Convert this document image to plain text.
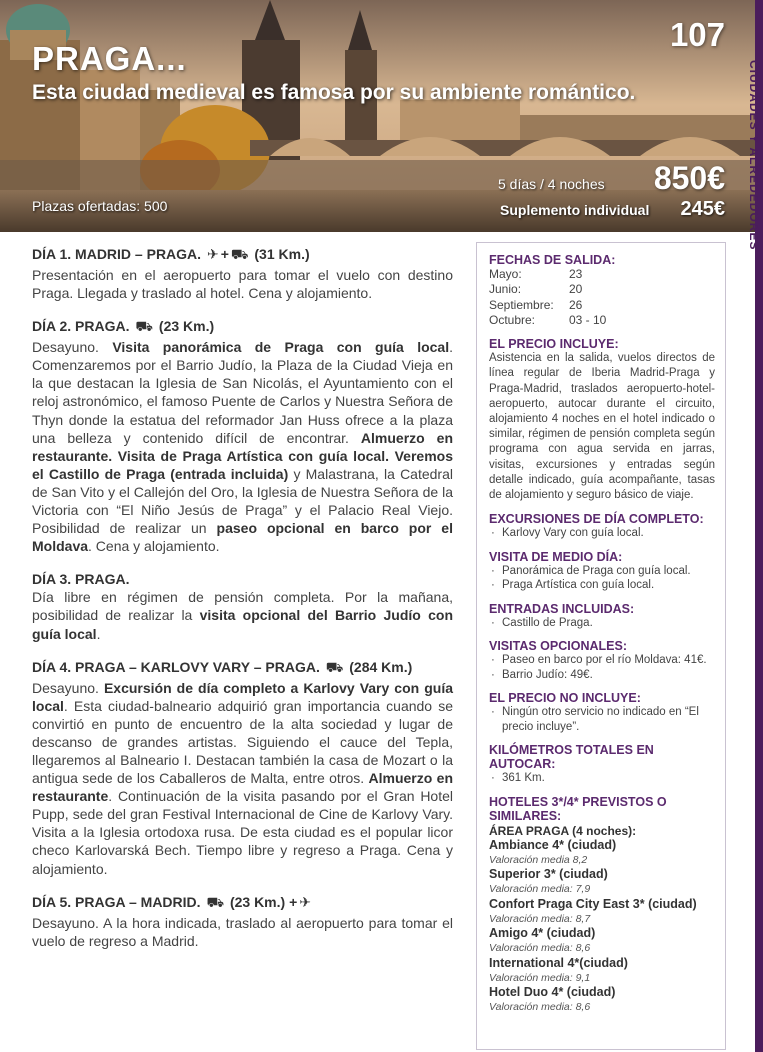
PRAGA...

Esta ciudad medieval es famosa por su ambiente romántico.

107
Plazas ofertadas: 500
5 días / 4 noches 850€
Suplemento individual 245€ CIUDADES Y ALREDEDORES

DÍA 1. MADRID – PRAGA. ✈ + ⛟ (31 Km.)

Presentación en el aeropuerto para tomar el vuelo con destino Praga. Llegada y traslado al hotel. Cena y alojamiento.

DÍA 2. PRAGA. ⛟ (23 Km.)

Desayuno. Visita panorámica de Praga con guía local. Comenzaremos por el Barrio Judío, la Plaza de la Ciudad Vieja en la que destacan la Iglesia de San Nicolás, el Ayuntamiento con el reloj astronómico, el famoso Puente de Carlos y Nuestra Señora de Thyn donde la estatua del reformador Jan Huss ofrece a la plaza una belleza y contenido difícil de encontrar. Almuerzo en restaurante. Visita de Praga Artística con guía local. Veremos el Castillo de Praga (entrada incluida) y Malastrana, la Catedral de San Vito y el Callejón del Oro, la Iglesia de Nuestra Señora de la Victoria con “El Niño Jesús de Praga” y el Palacio Real Viejo. Posibilidad de realizar un paseo opcional en barco por el Moldava. Cena y alojamiento.

DÍA 3. PRAGA.

Día libre en régimen de pensión completa. Por la mañana, posibilidad de realizar la visita opcional del Barrio Judío con guía local.

DÍA 4. PRAGA – KARLOVY VARY – PRAGA. ⛟ (284 Km.)

Desayuno. Excursión de día completo a Karlovy Vary con guía local. Esta ciudad-balneario adquirió gran importancia cuando se convirtió en punto de encuentro de la alta sociedad y lugar de descanso de grandes artistas. Siguiendo el cauce del Tepla, llegaremos al Balneario I. Destacan también la casa de Mozart o la antigua sede de los Caballeros de Malta, entre otros. Almuerzo en restaurante. Continuación de la visita pasando por el Gran Hotel Pupp, sede del gran Festival Internacional de Cine de Karlovy Vary. Visita a la Iglesia ortodoxa rusa. De esta ciudad es el popular licor checo Karlovarská Bech. Tiempo libre y regreso a Praga. Cena y alojamiento.

DÍA 5. PRAGA – MADRID. ⛟ (23 Km.) + ✈

Desayuno. A la hora indicada, traslado al aeropuerto para tomar el vuelo de regreso a Madrid.

FECHAS DE SALIDA:

Mayo:	23
Junio:	20
Septiembre:	26
Octubre:	03 - 10

EL PRECIO INCLUYE:

Asistencia en la salida, vuelos directos de línea regular de Iberia Madrid-Praga y Praga-Madrid, traslados aeropuerto-hotel-aeropuerto, autocar durante el circuito, alojamiento 4 noches en el hotel indicado o similar, régimen de pensión completa según programa con agua servida en jarras, visitas, excursiones y entradas según detalle indicado, guía acompañante, tasas de alojamiento y seguro básico de viaje.

EXCURSIONES DE DÍA COMPLETO:

· Karlovy Vary con guía local.

VISITA DE MEDIO DÍA:

· Panorámica de Praga con guía local.

· Praga Artística con guía local.

ENTRADAS INCLUIDAS:

· Castillo de Praga.

VISITAS OPCIONALES:

· Paseo en barco por el río Moldava: 41€.

· Barrio Judío: 49€.

EL PRECIO NO INCLUYE:

· Ningún otro servicio no indicado en “El precio incluye”.

KILÓMETROS TOTALES EN AUTOCAR:

· 361 Km.

HOTELES 3*/4* PREVISTOS O SIMILARES:

ÁREA PRAGA (4 noches):

Ambiance 4* (ciudad)

Valoración media 8,2

Superior 3* (ciudad)

Valoración media: 7,9

Confort Praga City East 3* (ciudad)

Valoración media: 8,7

Amigo 4* (ciudad)

Valoración media: 8,6

International 4*(ciudad)

Valoración media: 9,1

Hotel Duo 4* (ciudad)

Valoración media: 8,6
